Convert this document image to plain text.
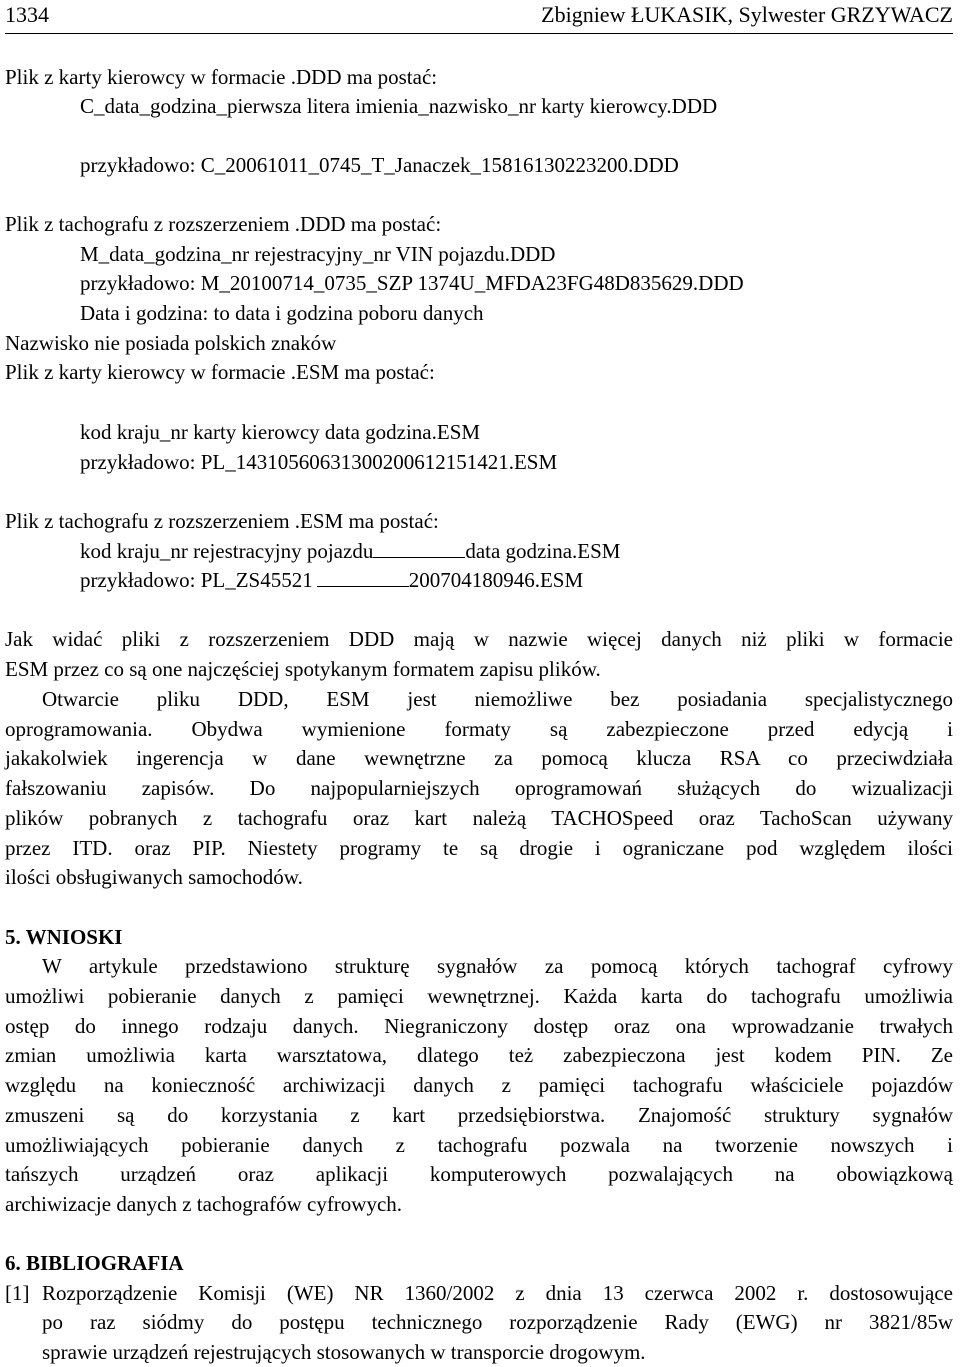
1334	Zbigniew ŁUKASIK, Sylwester GRZYWACZ
Plik z karty kierowcy w formacie .DDD ma postać:
C_data_godzina_pierwsza litera imienia_nazwisko_nr karty kierowcy.DDD
przykładowo: C_20061011_0745_T_Janaczek_15816130223200.DDD
Plik z tachografu z rozszerzeniem .DDD ma postać:
M_data_godzina_nr rejestracyjny_nr VIN pojazdu.DDD
przykładowo: M_20100714_0735_SZP 1374U_MFDA23FG48D835629.DDD
Data i godzina: to data i godzina poboru danych
Nazwisko nie posiada polskich znaków
Plik z karty kierowcy w formacie .ESM ma postać:
kod kraju_nr karty kierowcy data godzina.ESM
przykładowo: PL_14310560631300200612151421.ESM
Plik z tachografu z rozszerzeniem .ESM ma postać:
kod kraju_nr rejestracyjny pojazdu	data godzina.ESM
przykładowo: PL_ZS45521	200704180946.ESM
Jak widać pliki z rozszerzeniem DDD mają w nazwie więcej danych niż pliki w formacie
ESM przez co są one najczęściej spotykanym formatem zapisu plików.
Otwarcie pliku DDD, ESM jest niemożliwe bez posiadania specjalistycznego
oprogramowania. Obydwa wymienione formaty są zabezpieczone przed edycją i
jakakolwiek ingerencja w dane wewnętrzne za pomocą klucza RSA co przeciwdziała
fałszowaniu zapisów. Do najpopularniejszych oprogramowań służących do wizualizacji
plików pobranych z tachografu oraz kart należą TACHOSpeed oraz TachoScan używany
przez ITD. oraz PIP. Niestety programy te są drogie i ograniczane pod względem ilości
ilości obsługiwanych samochodów.
5. WNIOSKI
W artykule przedstawiono strukturę sygnałów za pomocą których tachograf cyfrowy
umożliwi pobieranie danych z pamięci wewnętrznej. Każda karta do tachografu umożliwia
ostęp do innego rodzaju danych. Niegraniczony dostęp oraz ona wprowadzanie trwałych
zmian umożliwia karta warsztatowa, dlatego też zabezpieczona jest kodem PIN. Ze
względu na konieczność archiwizacji danych z pamięci tachografu właściciele pojazdów
zmuszeni są do korzystania z kart przedsiębiorstwa. Znajomość struktury sygnałów
umożliwiających pobieranie danych z tachografu pozwala na tworzenie nowszych i
tańszych urządzeń oraz aplikacji komputerowych pozwalających na obowiązkową
archiwizacje danych z tachografów cyfrowych.
6. BIBLIOGRAFIA
[1] Rozporządzenie Komisji (WE) NR 1360/2002 z dnia 13 czerwca 2002 r. dostosowujące
po raz siódmy do postępu technicznego rozporządzenie Rady (EWG) nr 3821/85w
sprawie urządzeń rejestrujących stosowanych w transporcie drogowym.
